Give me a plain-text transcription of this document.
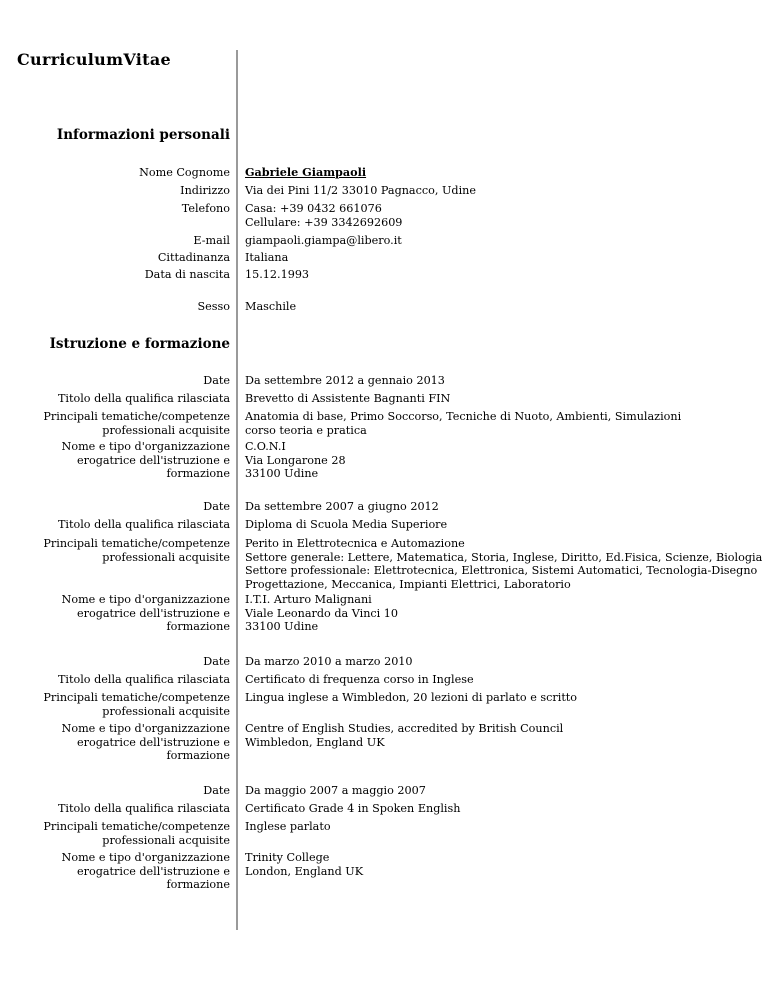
CurriculumVitae
Informazioni personali
Nome Cognome Gabriele Giampaoli
Indirizzo Via dei Pini 11/2 33010 Pagnacco, Udine
Telefono Casa: +39 0432 661076
Cellulare: +39 3342692609
E-mail giampaoli.giampa@libero.it
Cittadinanza Italiana
Data di nascita 15.12.1993
Sesso Maschile
Istruzione e formazione
Date Da settembre 2012 a gennaio 2013
Titolo della qualifica rilasciata Brevetto di Assistente Bagnanti FIN
Principali tematiche/competenze
professionali acquisite
Anatomia di base, Primo Soccorso, Tecniche di Nuoto, Ambienti, Simulazioni
corso teoria e pratica
Nome e tipo d'organizzazione
erogatrice dell'istruzione e
formazione
C.O.N.I
Via Longarone 28
33100 Udine
Date Da settembre 2007 a giugno 2012
Titolo della qualifica rilasciata Diploma di Scuola Media Superiore
Principali tematiche/competenze
professionali acquisite
Perito in Elettrotecnica e Automazione
Settore generale: Lettere, Matematica, Storia, Inglese, Diritto, Ed.Fisica, Scienze, Biologia
Settore professionale: Elettrotecnica, Elettronica, Sistemi Automatici, Tecnologia-Disegno
Progettazione, Meccanica, Impianti Elettrici, Laboratorio
Nome e tipo d'organizzazione
erogatrice dell'istruzione e
formazione
I.T.I. Arturo Malignani
Viale Leonardo da Vinci 10
33100 Udine
Date Da marzo 2010 a marzo 2010
Titolo della qualifica rilasciata Certificato di frequenza corso in Inglese
Principali tematiche/competenze
professionali acquisite
Lingua inglese a Wimbledon, 20 lezioni di parlato e scritto
Nome e tipo d'organizzazione
erogatrice dell'istruzione e
formazione
Centre of English Studies, accredited by British Council
Wimbledon, England UK
Date Da maggio 2007 a maggio 2007
Titolo della qualifica rilasciata Certificato Grade 4 in Spoken English
Principali tematiche/competenze
professionali acquisite
Inglese parlato
Nome e tipo d'organizzazione
erogatrice dell'istruzione e
formazione
Trinity College
London, England UK
